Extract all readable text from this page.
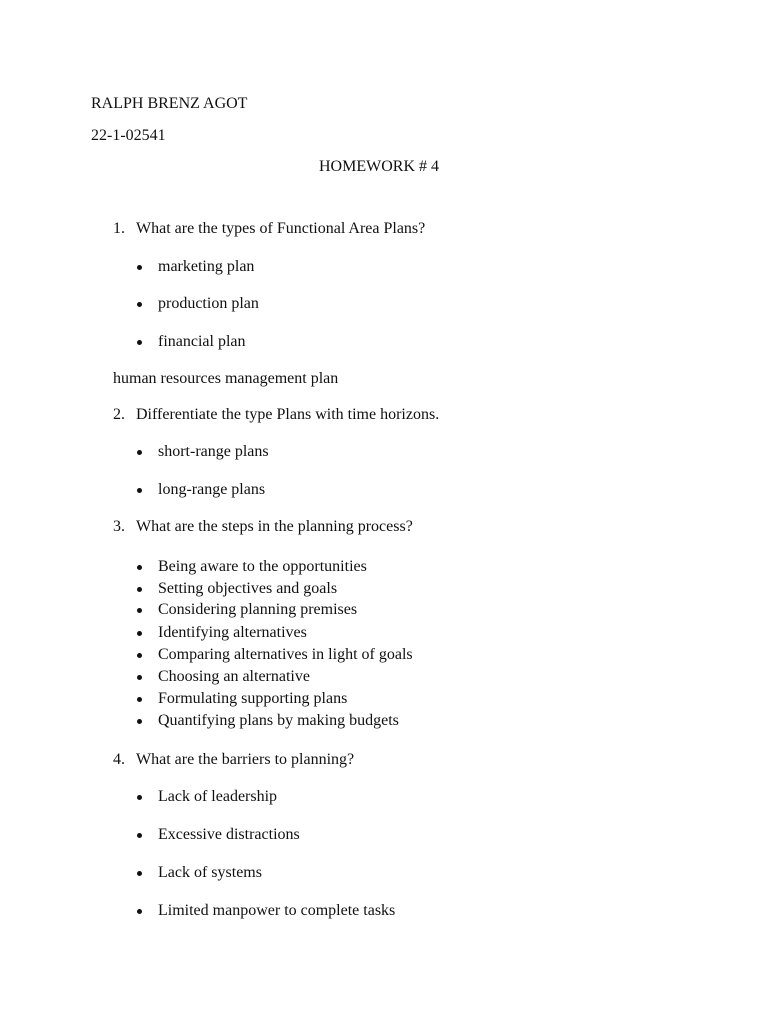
RALPH BRENZ AGOT
22-1-02541
HOMEWORK # 4
1. What are the types of Functional Area Plans?
marketing plan
production plan
financial plan
human resources management plan
2. Differentiate the type Plans with time horizons.
short-range plans
long-range plans
3. What are the steps in the planning process?
Being aware to the opportunities
Setting objectives and goals
Considering planning premises
Identifying alternatives
Comparing alternatives in light of goals
Choosing an alternative
Formulating supporting plans
Quantifying plans by making budgets
4. What are the barriers to planning?
Lack of leadership
Excessive distractions
Lack of systems
Limited manpower to complete tasks
